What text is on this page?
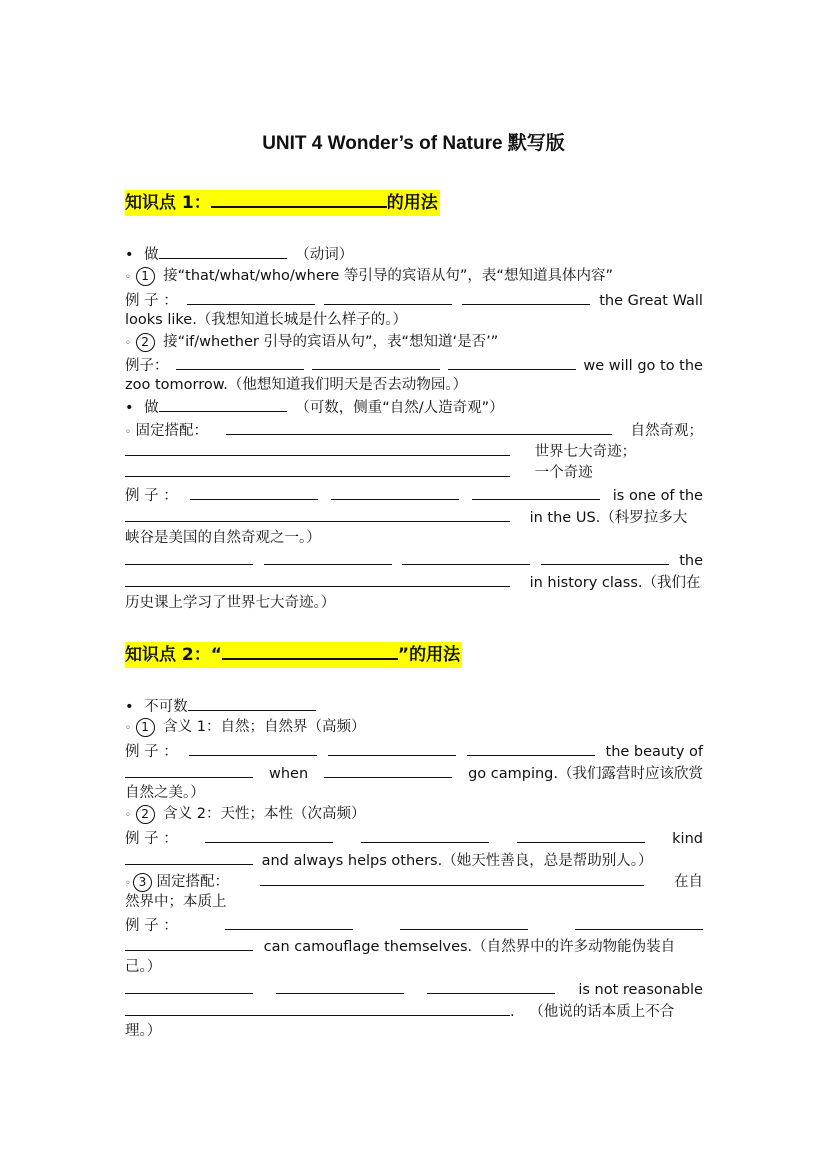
UNIT 4 Wonder’s of Nature 默写版
知识点 1：	的用法
• 做	（动词）
◦ 1 接“that/what/who/where 等引导的宾语从句”，表“想知道具体内容”
例 子 ：	the Great Wall
looks like.（我想知道长城是什么样子的。）
◦ 2 接“if/whether 引导的宾语从句”，表“想知道‘是否’”
例子：	we will go to the
zoo tomorrow.（他想知道我们明天是否去动物园。）
• 做	（可数，侧重“自然/人造奇观”）
◦ 固定搭配：	自然奇观；
世界七大奇迹；
一个奇迹
例 子 ：	is one of the
in the US.（科罗拉多大
峡谷是美国的自然奇观之一。）
the
in history class.（我们在
历史课上学习了世界七大奇迹。）
知识点 2：“	”的用法
• 不可数
◦ 1 含义 1：自然；自然界（高频）
例 子 ：	the beauty of
when	go camping.（我们露营时应该欣赏
自然之美。）
◦ 2 含义 2：天性；本性（次高频）
例 子 ：	kind
and always helps others.（她天性善良，总是帮助别人。）
◦ 3 固定搭配：	在自
然界中；本质上
例 子 ：
can camouflage themselves.（自然界中的许多动物能伪装自
己。）
is not reasonable
. （他说的话本质上不合
理。）
